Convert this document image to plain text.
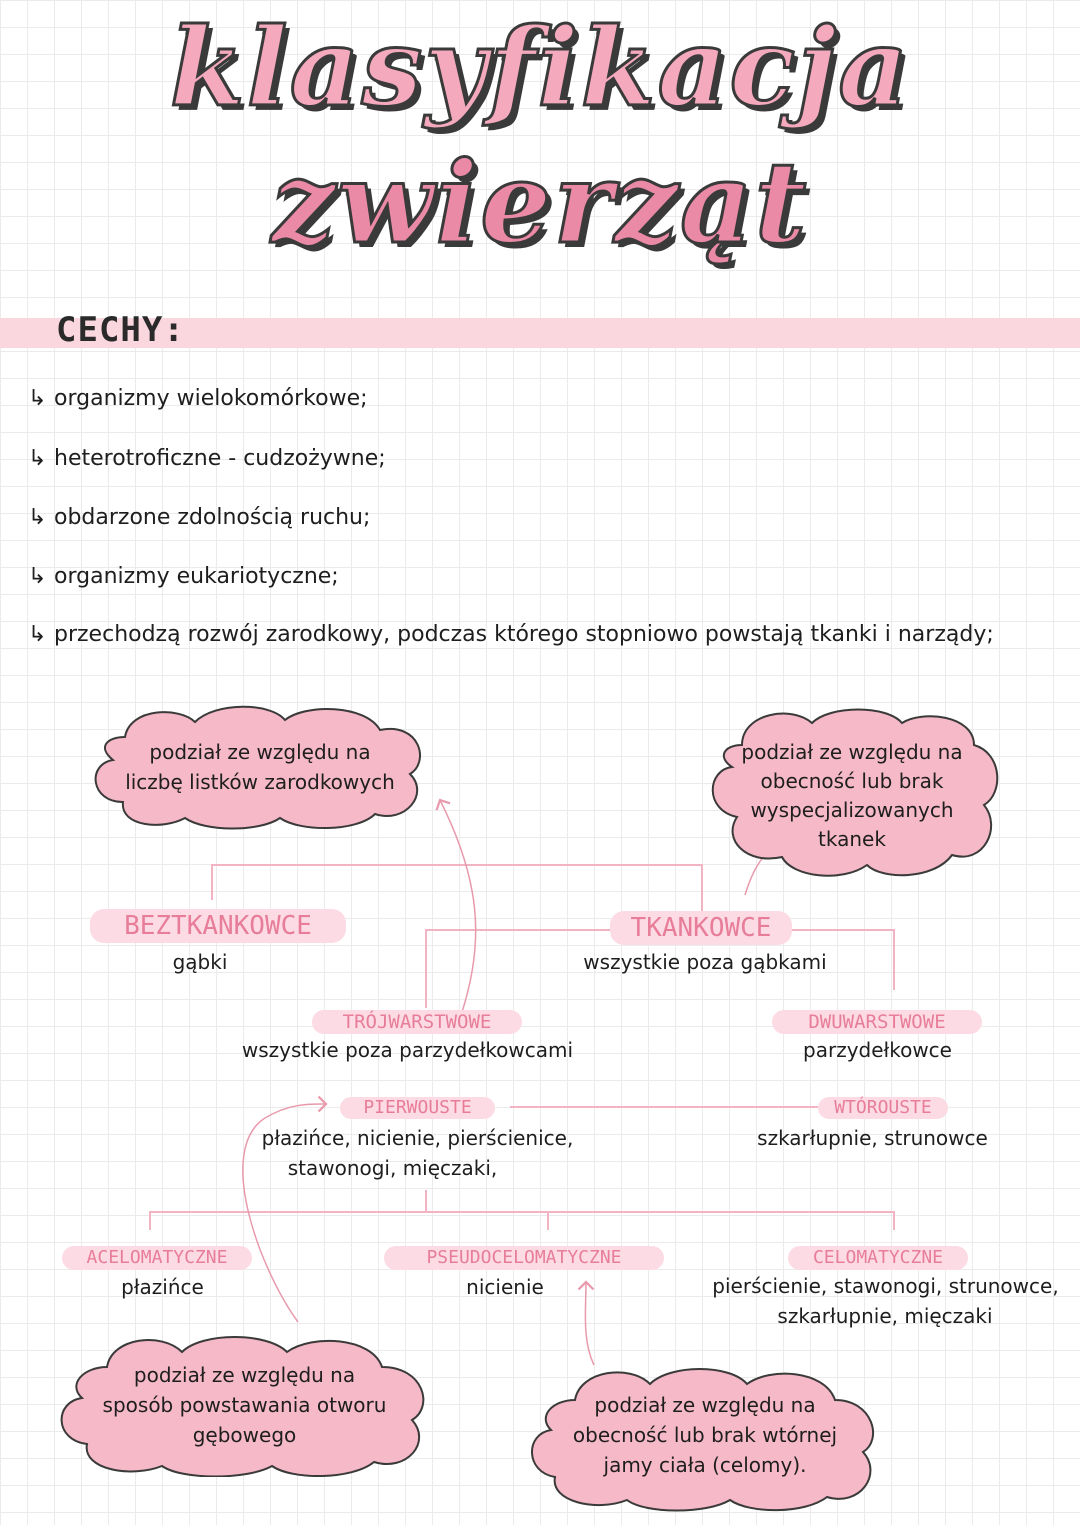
klasyfikacja
zwierząt
CECHY:
↳ organizmy wielokomórkowe;
↳ heterotroficzne - cudzożywne;
↳ obdarzone zdolnością ruchu;
↳ organizmy eukariotyczne;
↳ przechodzą rozwój zarodkowy, podczas którego stopniowo powstają tkanki i narządy;
podział ze względu na
liczbę listków zarodkowych
podział ze względu na
obecność lub brak
wyspecjalizowanych
tkanek
podział ze względu na
sposób powstawania otworu
gębowego
podział ze względu na
obecność lub brak wtórnej
jamy ciała (celomy).
BEZTKANKOWCE
gąbki
TKANKOWCE
wszystkie poza gąbkami
TRÓJWARSTWOWE
wszystkie poza parzydełkowcami
DWUWARSTWOWE
parzydełkowce
PIERWOUSTE
płazińce, nicienie, pierścienice,
stawonogi, mięczaki,
WTÓROUSTE
szkarłupnie, strunowce
ACELOMATYCZNE
płazińce
PSEUDOCELOMATYCZNE
nicienie
CELOMATYCZNE
pierścienie, stawonogi, strunowce,
szkarłupnie, mięczaki
